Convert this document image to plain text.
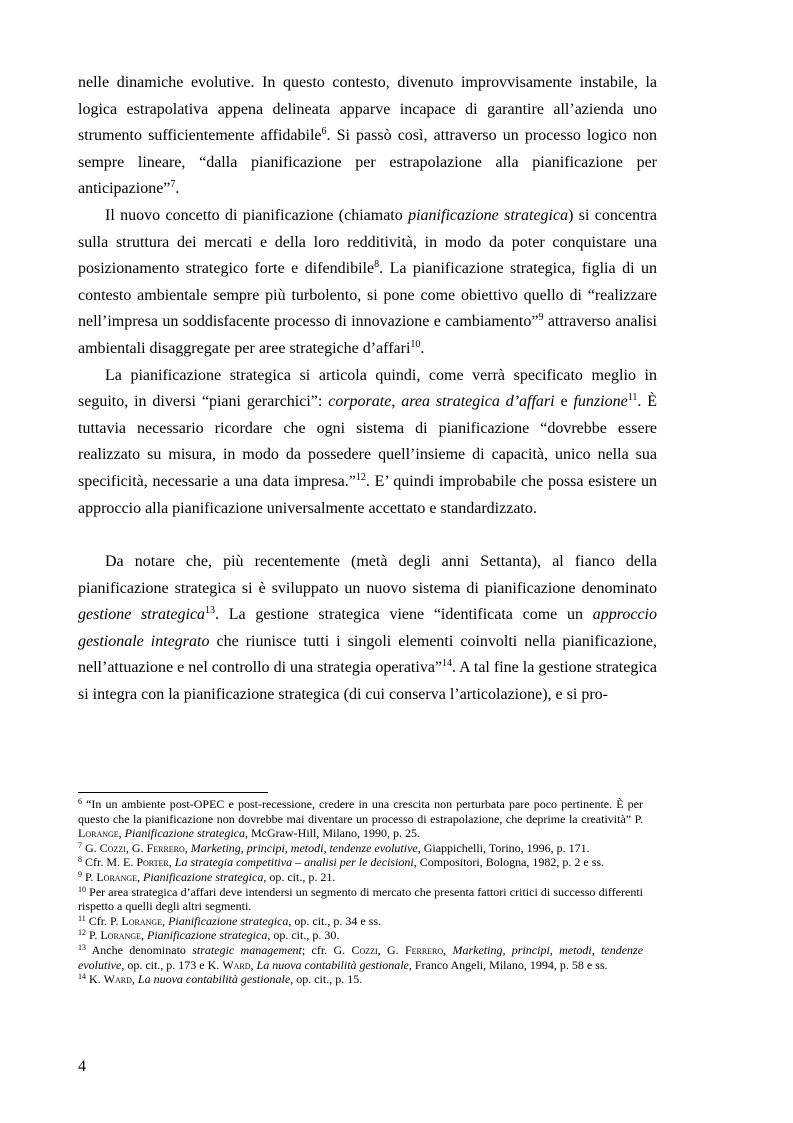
nelle dinamiche evolutive. In questo contesto, divenuto improvvisamente instabile, la logica estrapolativa appena delineata apparve incapace di garantire all’azienda uno strumento sufficientemente affidabile$^6$. Si passò così, attraverso un processo logico non sempre lineare, “dalla pianificazione per estrapolazione alla pianificazione per anticipazione”$^7$.

Il nuovo concetto di pianificazione (chiamato pianificazione strategica) si concentra sulla struttura dei mercati e della loro redditività, in modo da poter conquistare una posizionamento strategico forte e difendibile$^8$. La pianificazione strategica, figlia di un contesto ambientale sempre più turbolento, si pone come obiettivo quello di “realizzare nell’impresa un soddisfacente processo di innovazione e cambiamento”$^9$ attraverso analisi ambientali disaggregate per aree strategiche d’affari$^{10}$.

La pianificazione strategica si articola quindi, come verrà specificato meglio in seguito, in diversi “piani gerarchici”: corporate, area strategica d’affari e funzione$^{11}$. È tuttavia necessario ricordare che ogni sistema di pianificazione “dovrebbe essere realizzato su misura, in modo da possedere quell’insieme di capacità, unico nella sua specificità, necessarie a una data impresa.”$^{12}$. E’ quindi improbabile che possa esistere un approccio alla pianificazione universalmente accettato e standardizzato.

Da notare che, più recentemente (metà degli anni Settanta), al fianco della pianificazione strategica si è sviluppato un nuovo sistema di pianificazione denominato gestione strategica$^{13}$. La gestione strategica viene “identificata come un approccio gestionale integrato che riunisce tutti i singoli elementi coinvolti nella pianificazione, nell’attuazione e nel controllo di una strategia operativa”$^{14}$. A tal fine la gestione strategica si integra con la pianificazione strategica (di cui conserva l’articolazione), e si pro-

$^6$ “In un ambiente post-OPEC e post-recessione, credere in una crescita non perturbata pare poco pertinente. È per questo che la pianificazione non dovrebbe mai diventare un processo di estrapolazione, che deprime la creatività” P. Lorange, Pianificazione strategica, McGraw-Hill, Milano, 1990, p. 25.

$^7$ G. Cozzi, G. Ferrero, Marketing, principi, metodi, tendenze evolutive, Giappichelli, Torino, 1996, p. 171.

$^8$ Cfr. M. E. Porter, La strategia competitiva – analisi per le decisioni, Compositori, Bologna, 1982, p. 2 e ss.

$^9$ P. Lorange, Pianificazione strategica, op. cit., p. 21.

$^{10}$ Per area strategica d’affari deve intendersi un segmento di mercato che presenta fattori critici di successo differenti rispetto a quelli degli altri segmenti.

$^{11}$ Cfr. P. Lorange, Pianificazione strategica, op. cit., p. 34 e ss.

$^{12}$ P. Lorange, Pianificazione strategica, op. cit., p. 30.

$^{13}$ Anche denominato strategic management; cfr. G. Cozzi, G. Ferrero, Marketing, principi, metodi, tendenze evolutive, op. cit., p. 173 e K. Ward, La nuova contabilità gestionale, Franco Angeli, Milano, 1994, p. 58 e ss.

$^{14}$ K. Ward, La nuova contabilità gestionale, op. cit., p. 15.

4
